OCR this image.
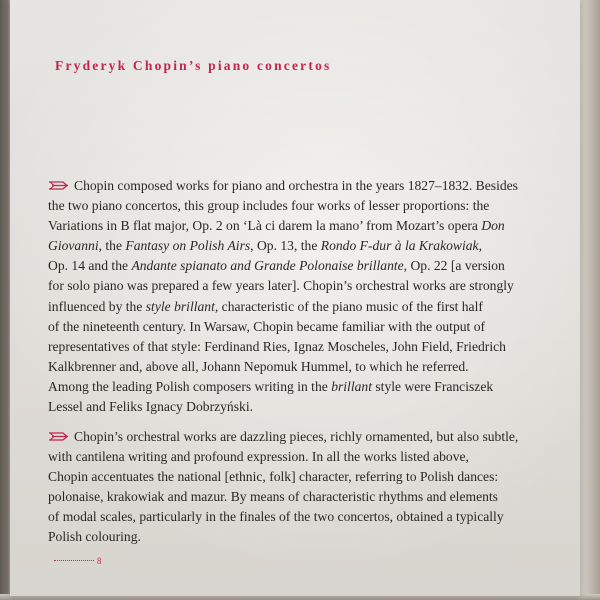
Fryderyk Chopin’s piano concertos
Chopin composed works for piano and orchestra in the years 1827–1832. Besides
the two piano concertos, this group includes four works of lesser proportions: the
Variations in B flat major, Op. 2 on ‘Là ci darem la mano’ from Mozart’s opera Don
Giovanni, the Fantasy on Polish Airs, Op. 13, the Rondo F-dur à la Krakowiak,
Op. 14 and the Andante spianato and Grande Polonaise brillante, Op. 22 [a version
for solo piano was prepared a few years later]. Chopin’s orchestral works are strongly
influenced by the style brillant, characteristic of the piano music of the first half
of the nineteenth century. In Warsaw, Chopin became familiar with the output of
representatives of that style: Ferdinand Ries, Ignaz Moscheles, John Field, Friedrich
Kalkbrenner and, above all, Johann Nepomuk Hummel, to which he referred.
Among the leading Polish composers writing in the brillant style were Franciszek
Lessel and Feliks Ignacy Dobrzyński.
Chopin’s orchestral works are dazzling pieces, richly ornamented, but also subtle,
with cantilena writing and profound expression. In all the works listed above,
Chopin accentuates the national [ethnic, folk] character, referring to Polish dances:
polonaise, krakowiak and mazur. By means of characteristic rhythms and elements
of modal scales, particularly in the finales of the two concertos, obtained a typically
Polish colouring.
8
